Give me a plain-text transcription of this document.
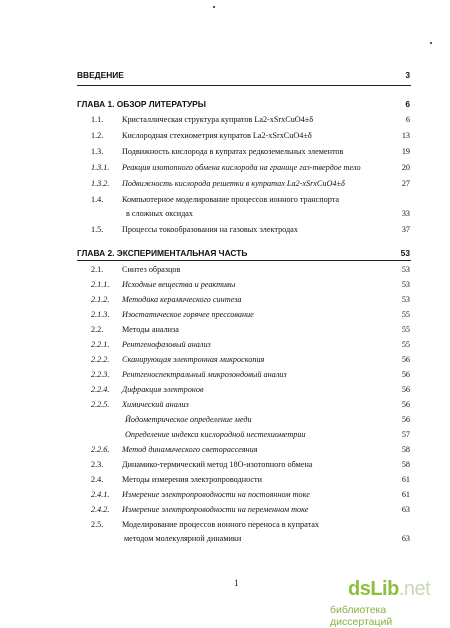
ВВЕДЕНИЕ	3
ГЛАВА 1. ОБЗОР ЛИТЕРАТУРЫ	6
1.1. Кристаллическая структура купратов La2-xSrxCuO4±δ	6
1.2. Кислородная стехиометрия купратов La2-xSrxCuO4±δ	13
1.3. Подвижность кислорода в купратах редкоземельных элементов	19
1.3.1. Реакция изотопного обмена кислорода на границе газ-твердое тело	20
1.3.2. Подвижность кислорода решетки в купратах La2-xSrxCuO4±δ	27
1.4. Компьютерное моделирование процессов ионного транспорта
в сложных оксидах	33
1.5. Процессы токообразования на газовых электродах	37
ГЛАВА 2. ЭКСПЕРИМЕНТАЛЬНАЯ ЧАСТЬ	53
2.1. Синтез образцов	53
2.1.1. Исходные вещества и реактивы	53
2.1.2. Методика керамического синтеза	53
2.1.3. Изостатическое горячее прессование	55
2.2. Методы анализа	55
2.2.1. Рентгенофазовый анализ	55
2.2.2. Сканирующая электронная микроскопия	56
2.2.3. Рентгеноспектральный микрозондовый анализ	56
2.2.4. Дифракция электронов	56
2.2.5. Химический анализ	56
Йодометрическое определение меди	56
Определение индекса кислородной нестехиометрии	57
2.2.6. Метод динамического светорассеяния	58
2.3. Динамико-термический метод 18О-изотопного обмена	58
2.4. Методы измерения электропроводности	61
2.4.1. Измерение электропроводности на постоянном токе	61
2.4.2. Измерение электропроводности на переменном токе	63
2.5. Моделирование процессов ионного переноса в купратах
методом молекулярной динамики	63
1	dsLib.net
библиотека диссертаций
